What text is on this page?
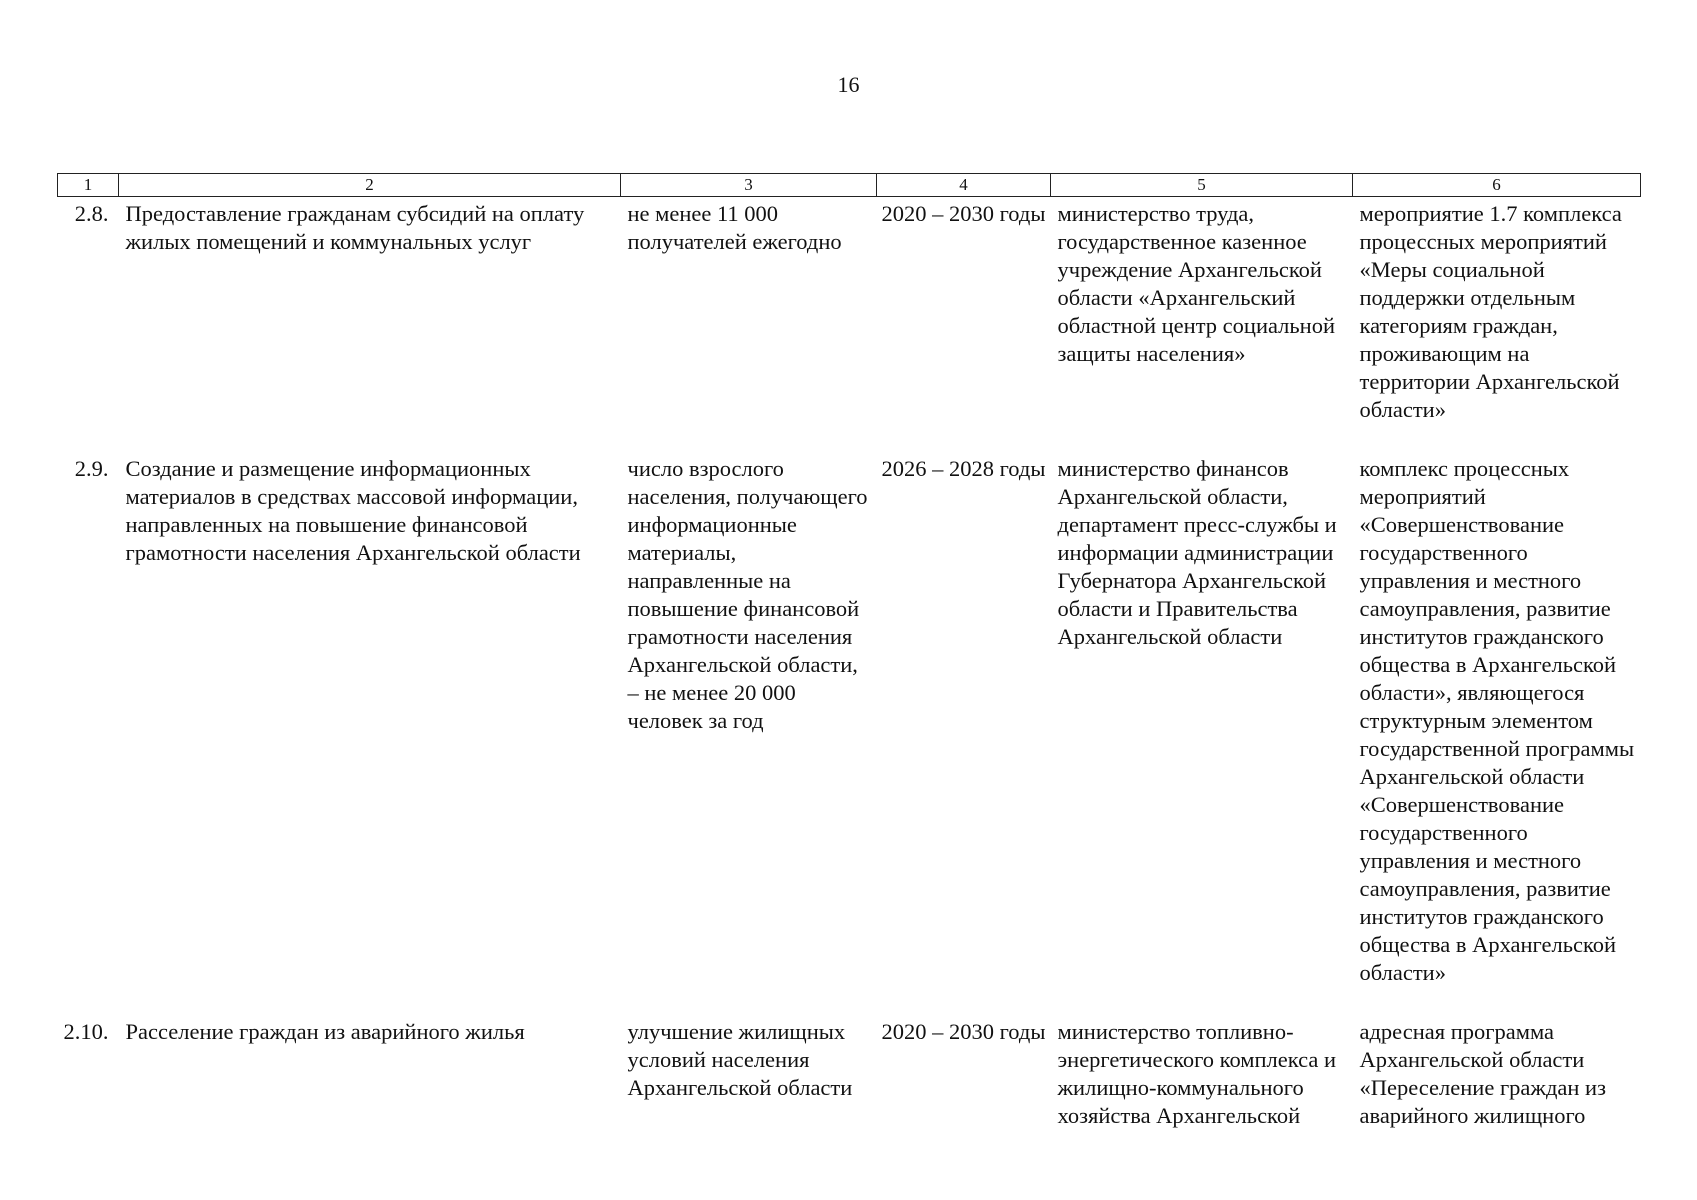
16
1	2	3	4	5	6
2.8.	Предоставление гражданам субсидий на оплату жилых помещений и коммунальных услуг	не менее 11 000 получателей ежегодно	2020 – 2030 годы	министерство труда, государственное казенное учреждение Архангельской области «Архангельский областной центр социальной защиты населения»	мероприятие 1.7 комплекса процессных мероприятий «Меры социальной поддержки отдельным категориям граждан, проживающим на территории Архангельской области»
2.9.	Создание и размещение информационных материалов в средствах массовой информации, направленных на повышение финансовой грамотности населения Архангельской области	число взрослого населения, получающего информационные материалы, направленные на повышение финансовой грамотности населения Архангельской области, – не менее 20 000 человек за год	2026 – 2028 годы	министерство финансов Архангельской области, департамент пресс-службы и информации администрации Губернатора Архангельской области и Правительства Архангельской области	комплекс процессных мероприятий «Совершенствование государственного управления и местного самоуправления, развитие институтов гражданского общества в Архангельской области», являющегося структурным элементом государственной программы Архангельской области «Совершенствование государственного управления и местного самоуправления, развитие институтов гражданского общества в Архангельской области»
2.10.	Расселение граждан из аварийного жилья	улучшение жилищных условий населения Архангельской области	2020 – 2030 годы	министерство топливно-энергетического комплекса и жилищно-коммунального хозяйства Архангельской	адресная программа Архангельской области «Переселение граждан из аварийного жилищного
